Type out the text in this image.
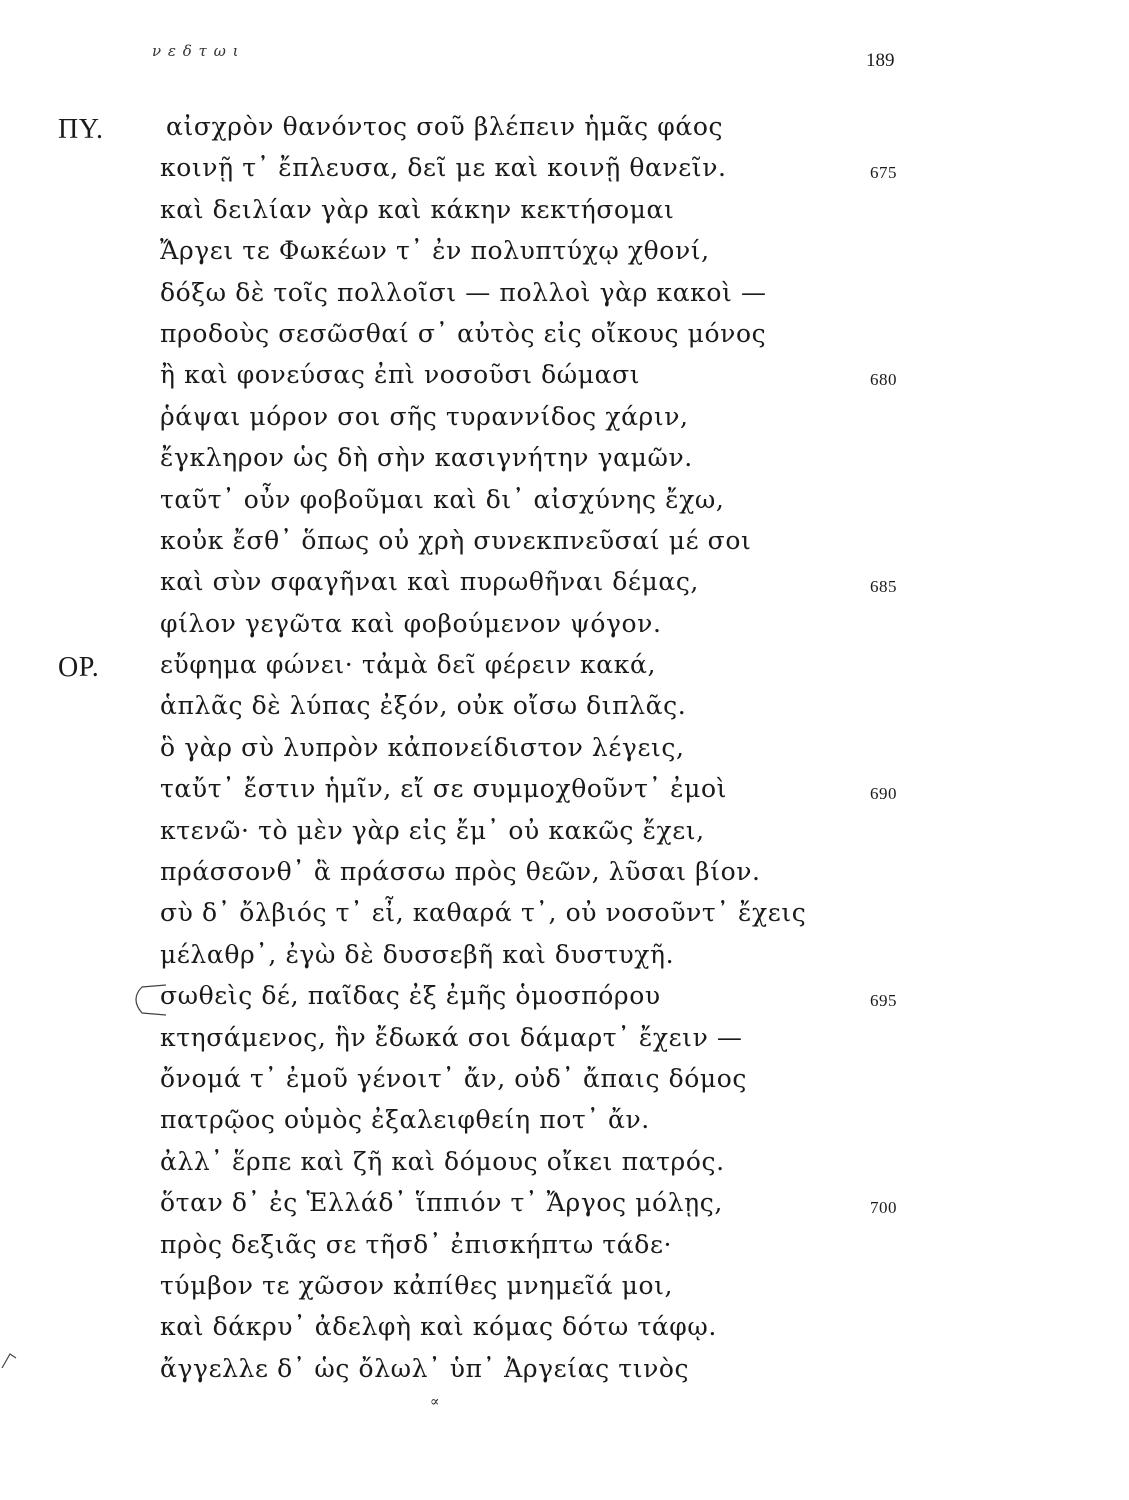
ν ε δ τ ω ι	189
ΠΥ.	αἰσχρὸν θανόντος σοῦ βλέπειν ἡμᾶς φάος
κοινῇ τ᾽ ἔπλευσα, δεῖ με καὶ κοινῇ θανεῖν.	675
καὶ δειλίαν γὰρ καὶ κάκην κεκτήσομαι
Ἄργει τε Φωκέων τ᾽ ἐν πολυπτύχῳ χθονί,
δόξω δὲ τοῖς πολλοῖσι — πολλοὶ γὰρ κακοὶ —
προδοὺς σεσῶσθαί σ᾽ αὐτὸς εἰς οἴκους μόνος
ἢ καὶ φονεύσας ἐπὶ νοσοῦσι δώμασι	680
ῥάψαι μόρον σοι σῆς τυραννίδος χάριν,
ἔγκληρον ὡς δὴ σὴν κασιγνήτην γαμῶν.
ταῦτ᾽ οὖν φοβοῦμαι καὶ δι᾽ αἰσχύνης ἔχω,
κοὐκ ἔσθ᾽ ὅπως οὐ χρὴ συνεκπνεῦσαί μέ σοι
καὶ σὺν σφαγῆναι καὶ πυρωθῆναι δέμας,	685
φίλον γεγῶτα καὶ φοβούμενον ψόγον.
ΟΡ. εὔφημα φώνει· τἀμὰ δεῖ φέρειν κακά,
ἁπλᾶς δὲ λύπας ἐξόν, οὐκ οἴσω διπλᾶς.
ὃ γὰρ σὺ λυπρὸν κἀπονείδιστον λέγεις,
ταὔτ᾽ ἔστιν ἡμῖν, εἴ σε συμμοχθοῦντ᾽ ἐμοὶ	690
κτενῶ· τὸ μὲν γὰρ εἰς ἔμ᾽ οὐ κακῶς ἔχει,
πράσσονθ᾽ ἃ πράσσω πρὸς θεῶν, λῦσαι βίον.
σὺ δ᾽ ὄλβιός τ᾽ εἶ, καθαρά τ᾽, οὐ νοσοῦντ᾽ ἔχεις
μέλαθρ᾽, ἐγὼ δὲ δυσσεβῆ καὶ δυστυχῆ.
σωθεὶς δέ, παῖδας ἐξ ἐμῆς ὁμοσπόρου	695
κτησάμενος, ἣν ἔδωκά σοι δάμαρτ᾽ ἔχειν —
ὄνομά τ᾽ ἐμοῦ γένοιτ᾽ ἄν, οὐδ᾽ ἄπαις δόμος
πατρῷος οὑμὸς ἐξαλειφθείη ποτ᾽ ἄν.
ἀλλ᾽ ἕρπε καὶ ζῆ καὶ δόμους οἴκει πατρός.
ὅταν δ᾽ ἐς Ἑλλάδ᾽ ἵππιόν τ᾽ Ἄργος μόλῃς,	700
πρὸς δεξιᾶς σε τῆσδ᾽ ἐπισκήπτω τάδε·
τύμβον τε χῶσον κἀπίθες μνημεῖά μοι,
καὶ δάκρυ᾽ ἀδελφὴ καὶ κόμας δότω τάφῳ.
ἄγγελλε δ᾽ ὡς ὄλωλ᾽ ὑπ᾽ Ἀργείας τινὸς
∝
